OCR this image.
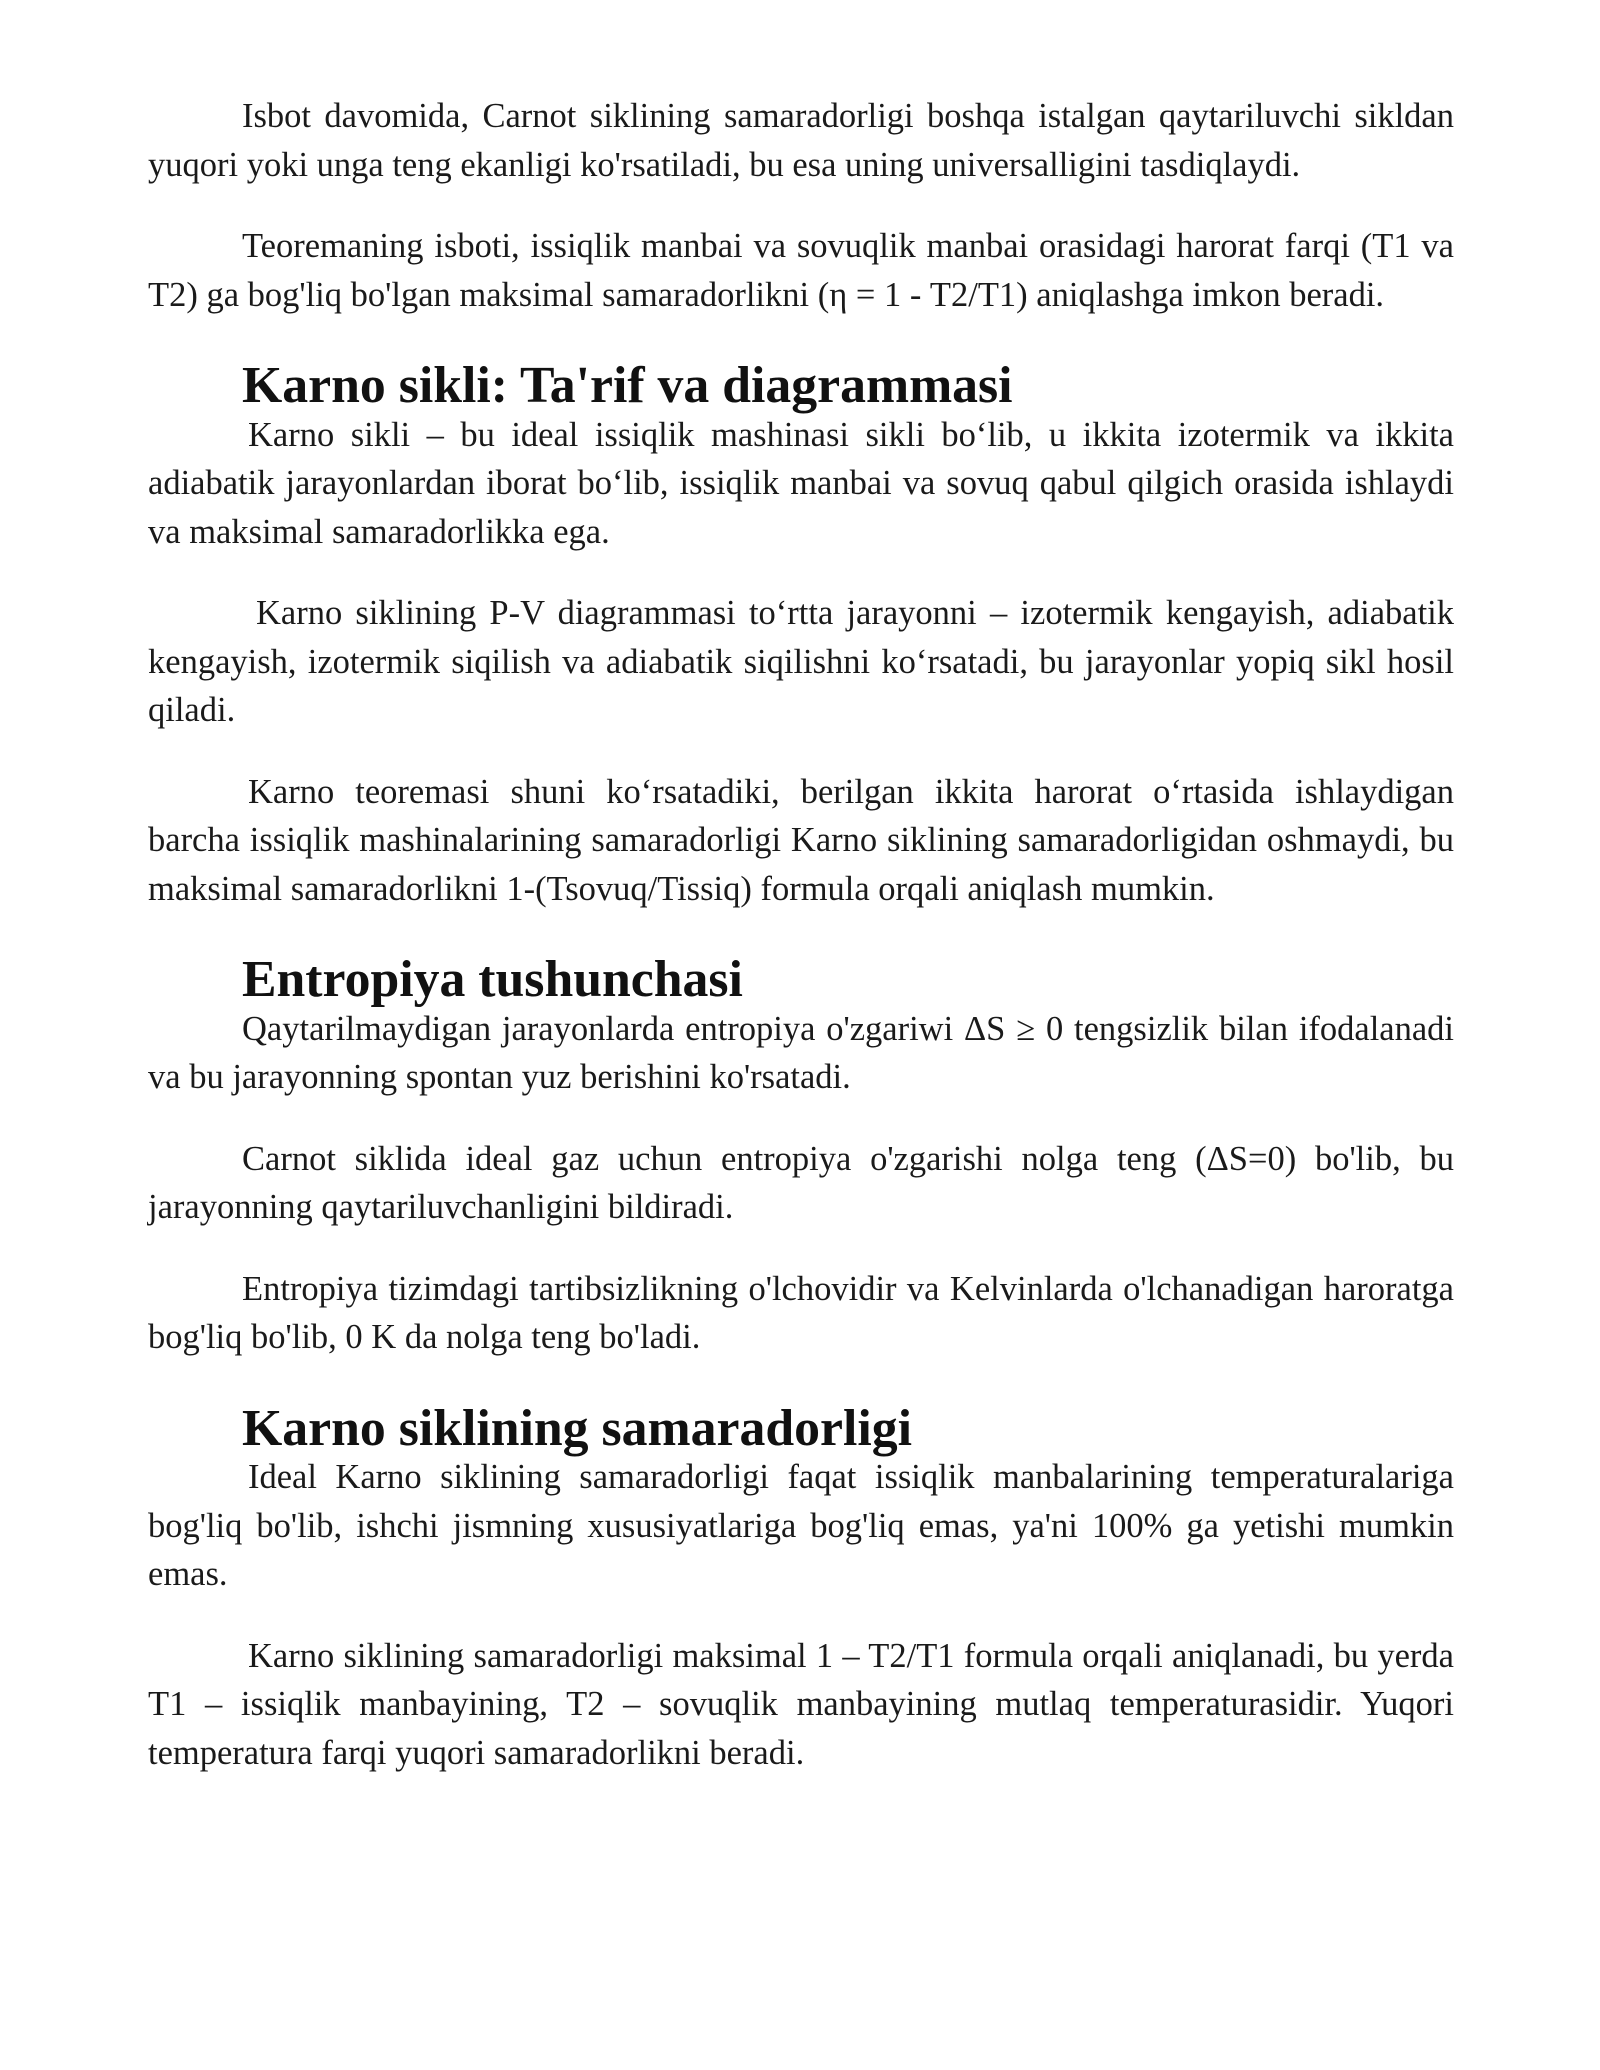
Isbot davomida, Carnot siklining samaradorligi boshqa istalgan qaytariluvchi sikldan yuqori yoki unga teng ekanligi ko'rsatiladi, bu esa uning universalligini tasdiqlaydi.

Teoremaning isboti, issiqlik manbai va sovuqlik manbai orasidagi harorat farqi (T1 va T2) ga bog'liq bo'lgan maksimal samaradorlikni (η = 1 - T2/T1) aniqlashga imkon beradi.

Karno sikli: Ta'rif va diagrammasi

Karno sikli – bu ideal issiqlik mashinasi sikli bo‘lib, u ikkita izotermik va ikkita adiabatik jarayonlardan iborat bo‘lib, issiqlik manbai va sovuq qabul qilgich orasida ishlaydi va maksimal samaradorlikka ega.

Karno siklining P-V diagrammasi to‘rtta jarayonni – izotermik kengayish, adiabatik kengayish, izotermik siqilish va adiabatik siqilishni ko‘rsatadi, bu jarayonlar yopiq sikl hosil qiladi.

Karno teoremasi shuni ko‘rsatadiki, berilgan ikkita harorat o‘rtasida ishlaydigan barcha issiqlik mashinalarining samaradorligi Karno siklining samaradorligidan oshmaydi, bu maksimal samaradorlikni 1-(Tsovuq/Tissiq) formula orqali aniqlash mumkin.

Entropiya tushunchasi

Qaytarilmaydigan jarayonlarda entropiya o'zgariwi ΔS ≥ 0 tengsizlik bilan ifodalanadi va bu jarayonning spontan yuz berishini ko'rsatadi.

Carnot siklida ideal gaz uchun entropiya o'zgarishi nolga teng (ΔS=0) bo'lib, bu jarayonning qaytariluvchanligini bildiradi.

Entropiya tizimdagi tartibsizlikning o'lchovidir va Kelvinlarda o'lchanadigan haroratga bog'liq bo'lib, 0 K da nolga teng bo'ladi.

Karno siklining samaradorligi

Ideal Karno siklining samaradorligi faqat issiqlik manbalarining temperaturalariga bog'liq bo'lib, ishchi jismning xususiyatlariga bog'liq emas, ya'ni 100% ga yetishi mumkin emas.

Karno siklining samaradorligi maksimal 1 – T2/T1 formula orqali aniqlanadi, bu yerda T1 – issiqlik manbayining, T2 – sovuqlik manbayining mutlaq temperaturasidir. Yuqori temperatura farqi yuqori samaradorlikni beradi.
